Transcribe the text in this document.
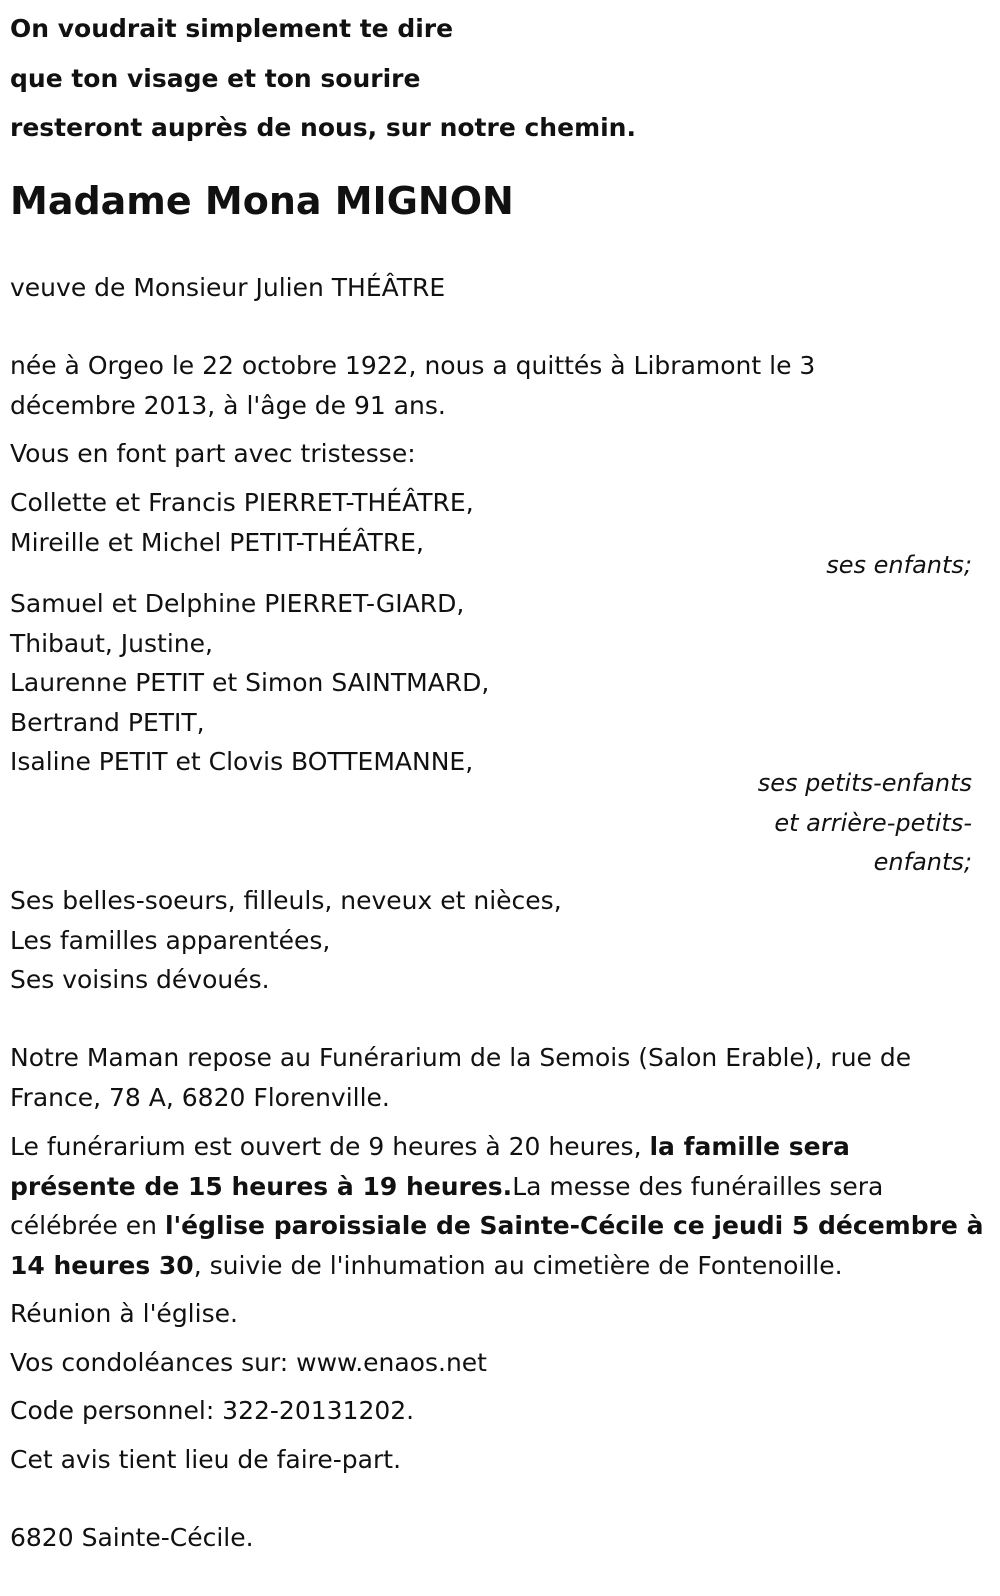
On voudrait simplement te dire
que ton visage et ton sourire
resteront auprès de nous, sur notre chemin.
Madame Mona MIGNON
veuve de Monsieur Julien THÉÂTRE
née à Orgeo le 22 octobre 1922, nous a quittés à Libramont le 3
décembre 2013, à l'âge de 91 ans.
Vous en font part avec tristesse:
Collette et Francis PIERRET-THÉÂTRE,
Mireille et Michel PETIT-THÉÂTRE,
ses enfants;
Samuel et Delphine PIERRET-GIARD,
Thibaut, Justine,
Laurenne PETIT et Simon SAINTMARD,
Bertrand PETIT,
Isaline PETIT et Clovis BOTTEMANNE,
ses petits-enfants
et arrière-petits-
enfants;
Ses belles-soeurs, filleuls, neveux et nièces,
Les familles apparentées,
Ses voisins dévoués.
Notre Maman repose au Funérarium de la Semois (Salon Erable), rue de
France, 78 A, 6820 Florenville.
Le funérarium est ouvert de 9 heures à 20 heures, la famille sera
présente de 15 heures à 19 heures.La messe des funérailles sera
célébrée en l'église paroissiale de Sainte-Cécile ce jeudi 5 décembre à
14 heures 30, suivie de l'inhumation au cimetière de Fontenoille.
Réunion à l'église.
Vos condoléances sur: www.enaos.net
Code personnel: 322-20131202.
Cet avis tient lieu de faire-part.
6820 Sainte-Cécile.
